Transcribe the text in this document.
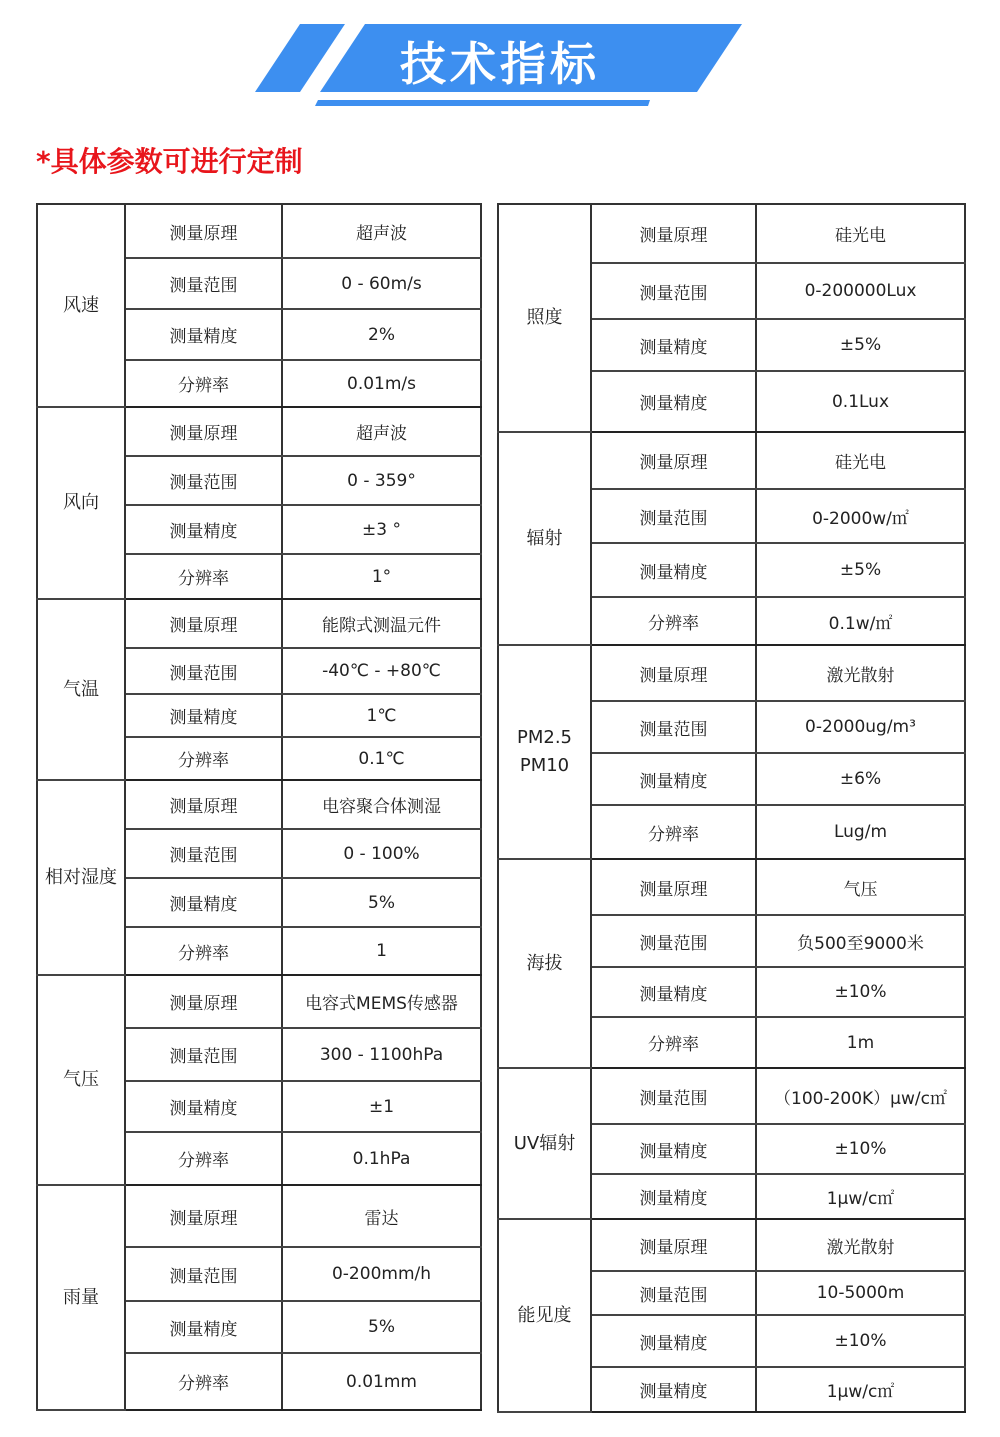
技术指标
*具体参数可进行定制
风速	测量原理	超声波
	测量范围	0 - 60m/s
	测量精度	2%
	分辨率	0.01m/s
风向	测量原理	超声波
	测量范围	0 - 359°
	测量精度	±3 °
	分辨率	1°
气温	测量原理	能隙式测温元件
	测量范围	-40℃ - +80℃
	测量精度	1℃
	分辨率	0.1℃
相对湿度	测量原理	电容聚合体测湿
	测量范围	0 - 100%
	测量精度	5%
	分辨率	1
气压	测量原理	电容式MEMS传感器
	测量范围	300 - 1100hPa
	测量精度	±1
	分辨率	0.1hPa
雨量	测量原理	雷达
	测量范围	0-200mm/h
	测量精度	5%
	分辨率	0.01mm
照度	测量原理	硅光电
	测量范围	0-200000Lux
	测量精度	±5%
	测量精度	0.1Lux
辐射	测量原理	硅光电
	测量范围	0-2000w/㎡
	测量精度	±5%
	分辨率	0.1w/㎡
PM2.5
PM10	测量原理	激光散射
	测量范围	0-2000ug/m³
	测量精度	±6%
	分辨率	Lug/m
海拔	测量原理	气压
	测量范围	负500至9000米
	测量精度	±10%
	分辨率	1m
UV辐射	测量范围	（100-200K）μw/c㎡
	测量精度	±10%
	测量精度	1μw/c㎡
能见度	测量原理	激光散射
	测量范围	10-5000m
	测量精度	±10%
	测量精度	1μw/c㎡
